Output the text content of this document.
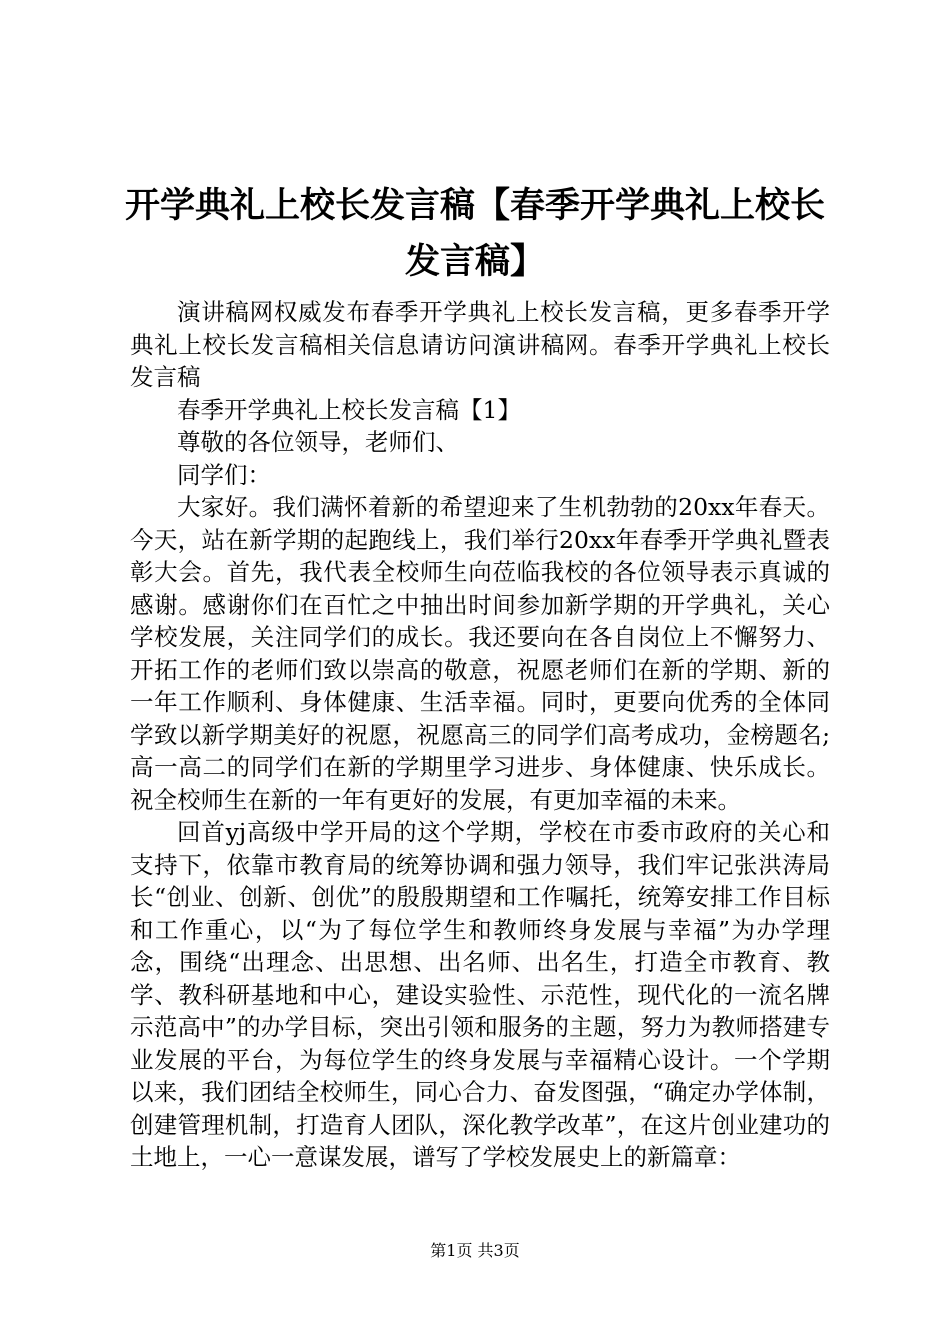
开学典礼上校长发言稿【春季开学典礼上校长发言稿】

演讲稿网权威发布春季开学典礼上校长发言稿，更多春季开学典礼上校长发言稿相关信息请访问演讲稿网。春季开学典礼上校长发言稿

春季开学典礼上校长发言稿【1】

尊敬的各位领导，老师们、

同学们：

大家好。我们满怀着新的希望迎来了生机勃勃的20xx年春天。今天，站在新学期的起跑线上，我们举行20xx年春季开学典礼暨表彰大会。首先，我代表全校师生向莅临我校的各位领导表示真诚的感谢。感谢你们在百忙之中抽出时间参加新学期的开学典礼，关心学校发展，关注同学们的成长。我还要向在各自岗位上不懈努力、开拓工作的老师们致以崇高的敬意，祝愿老师们在新的学期、新的一年工作顺利、身体健康、生活幸福。同时，更要向优秀的全体同学致以新学期美好的祝愿，祝愿高三的同学们高考成功，金榜题名;高一高二的同学们在新的学期里学习进步、身体健康、快乐成长。祝全校师生在新的一年有更好的发展，有更加幸福的未来。

回首yj高级中学开局的这个学期，学校在市委市政府的关心和支持下，依靠市教育局的统筹协调和强力领导，我们牢记张洪涛局长“创业、创新、创优”的殷殷期望和工作嘱托，统筹安排工作目标和工作重心，以“为了每位学生和教师终身发展与幸福”为办学理念，围绕“出理念、出思想、出名师、出名生，打造全市教育、教学、教科研基地和中心，建设实验性、示范性，现代化的一流名牌示范高中”的办学目标，突出引领和服务的主题，努力为教师搭建专业发展的平台，为每位学生的终身发展与幸福精心设计。一个学期以来，我们团结全校师生，同心合力、奋发图强，“确定办学体制，创建管理机制，打造育人团队，深化教学改革”，在这片创业建功的土地上，一心一意谋发展，谱写了学校发展史上的新篇章：

第1页 共3页
